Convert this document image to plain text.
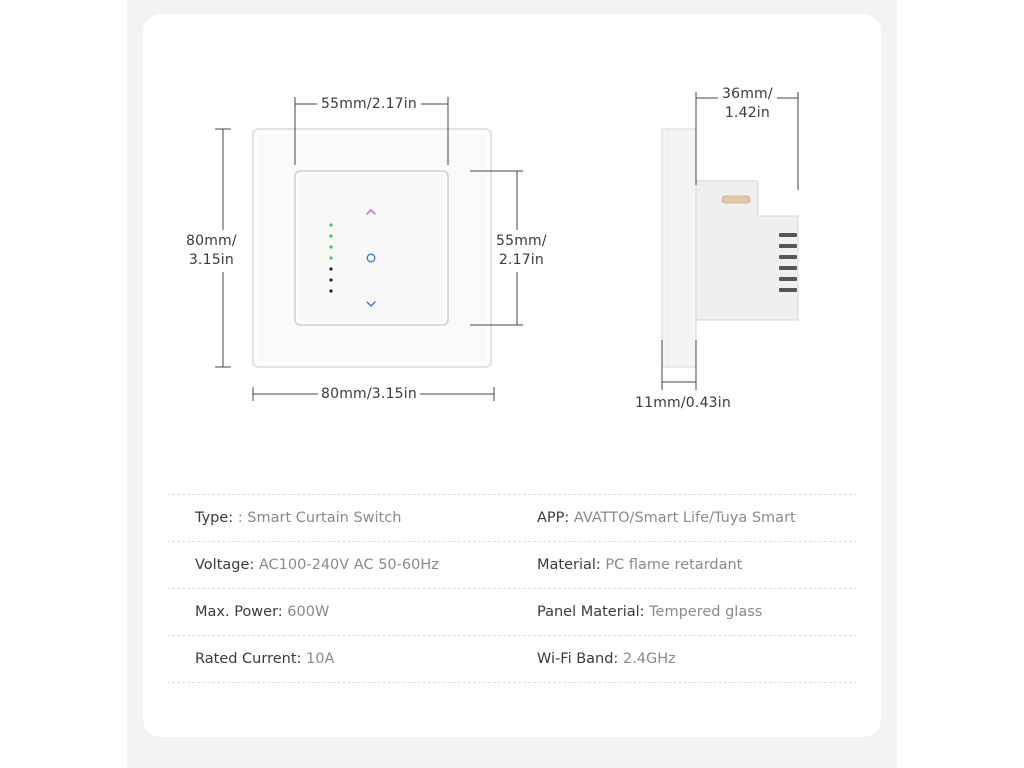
55mm/2.17in
80mm/
3.15in
55mm/
2.17in
80mm/3.15in
36mm/
1.42in
11mm/0.43in
Type: : Smart Curtain Switch	APP: AVATTO/Smart Life/Tuya Smart
Voltage: AC100-240V AC 50-60Hz	Material: PC flame retardant
Max. Power: 600W	Panel Material: Tempered glass
Rated Current: 10A	Wi-Fi Band: 2.4GHz
